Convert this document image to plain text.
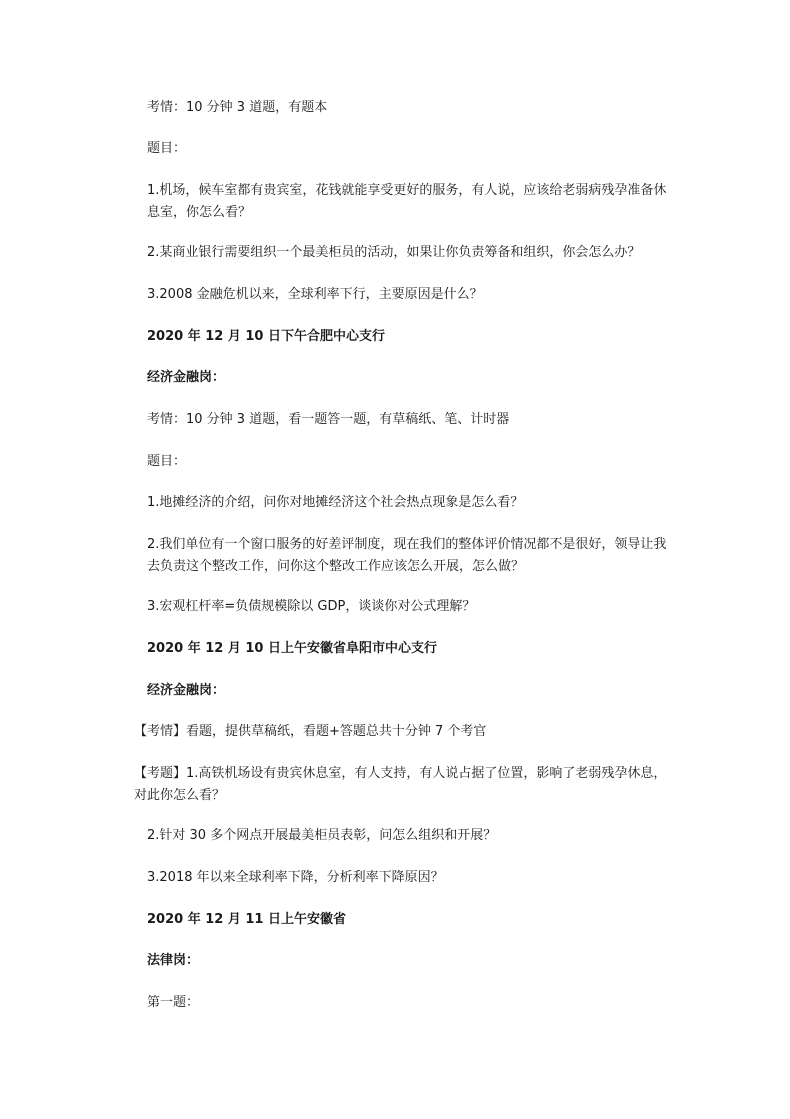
考情：10 分钟 3 道题，有题本
题目：
1.机场，候车室都有贵宾室，花钱就能享受更好的服务，有人说，应该给老弱病残孕准备休息室，你怎么看？
2.某商业银行需要组织一个最美柜员的活动，如果让你负责筹备和组织，你会怎么办？
3.2008 金融危机以来，全球利率下行，主要原因是什么？
2020 年 12 月 10 日下午合肥中心支行
经济金融岗：
考情：10 分钟 3 道题，看一题答一题，有草稿纸、笔、计时器
题目：
1.地摊经济的介绍，问你对地摊经济这个社会热点现象是怎么看？
2.我们单位有一个窗口服务的好差评制度，现在我们的整体评价情况都不是很好，领导让我去负责这个整改工作，问你这个整改工作应该怎么开展，怎么做？
3.宏观杠杆率=负债规模除以 GDP，谈谈你对公式理解？
2020 年 12 月 10 日上午安徽省阜阳市中心支行
经济金融岗：
【考情】看题，提供草稿纸，看题+答题总共十分钟 7 个考官
【考题】1.高铁机场设有贵宾休息室，有人支持，有人说占据了位置，影响了老弱残孕休息，对此你怎么看？
2.针对 30 多个网点开展最美柜员表彰，问怎么组织和开展？
3.2018 年以来全球利率下降，分析利率下降原因？
2020 年 12 月 11 日上午安徽省
法律岗：
第一题：
